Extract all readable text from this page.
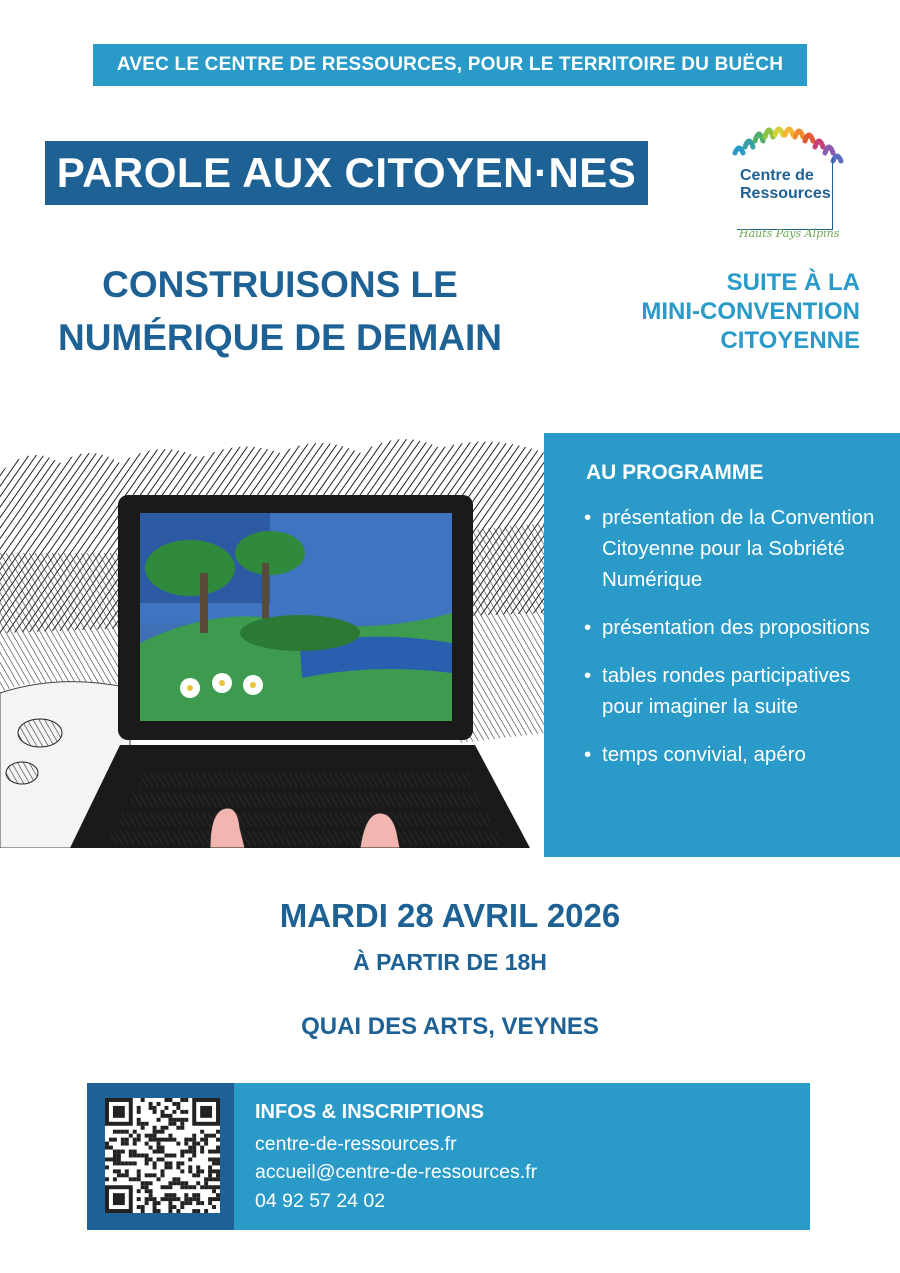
AVEC LE CENTRE DE RESSOURCES, POUR LE TERRITOIRE DU BUËCH
PAROLE AUX CITOYEN·NES	Centre de
Ressources
Hauts Pays Alpins
CONSTRUISONS LE
NUMÉRIQUE DE DEMAIN
SUITE À LA
MINI-CONVENTION
CITOYENNE
AU PROGRAMME
• présentation de la Convention Citoyenne pour la Sobriété Numérique
• présentation des propositions
• tables rondes participatives pour imaginer la suite
• temps convivial, apéro
MARDI 28 AVRIL 2026
À PARTIR DE 18H
QUAI DES ARTS, VEYNES
INFOS & INSCRIPTIONS
centre-de-ressources.fr
accueil@centre-de-ressources.fr
04 92 57 24 02
